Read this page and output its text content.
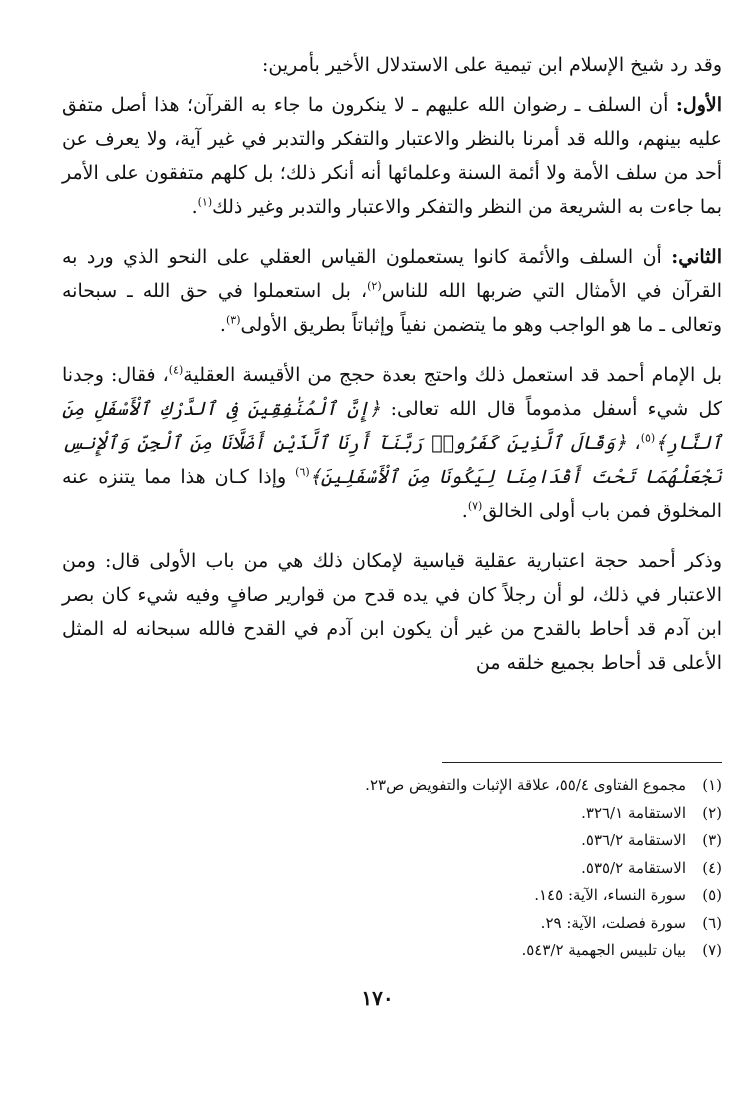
وقد رد شيخ الإسلام ابن تيمية على الاستدلال الأخير بأمرين:

الأول: أن السلف ـ رضوان الله عليهم ـ لا ينكرون ما جاء به القرآن؛ هذا أصل متفق عليه بينهم، والله قد أمرنا بالنظر والاعتبار والتفكر والتدبر في غير آية، ولا يعرف عن أحد من سلف الأمة ولا أئمة السنة وعلمائها أنه أنكر ذلك؛ بل كلهم متفقون على الأمر بما جاءت به الشريعة من النظر والتفكر والاعتبار والتدبر وغير ذلك$^{(١)}$.

الثاني: أن السلف والأئمة كانوا يستعملون القياس العقلي على النحو الذي ورد به القرآن في الأمثال التي ضربها الله للناس$^{(٢)}$، بل استعملوا في حق الله ـ سبحانه وتعالى ـ ما هو الواجب وهو ما يتضمن نفياً وإثباتاً بطريق الأولى$^{(٣)}$.

بل الإمام أحمد قد استعمل ذلك واحتج بعدة حجج من الأقيسة العقلية$^{(٤)}$، فقال: وجدنا كل شيء أسفل مذموماً قال الله تعالى: ﴿إِنَّ ٱلْمُنَٰفِقِينَ فِى ٱلدَّرْكِ ٱلْأَسْفَلِ مِنَ ٱلنَّارِ﴾$^{(٥)}$، ﴿وَقَالَ ٱلَّذِينَ كَفَرُوا۟ رَبَّنَآ أَرِنَا ٱلَّذَيْنِ أَضَلَّانَا مِنَ ٱلْجِنِّ وَٱلْإِنسِ نَجْعَلْهُمَا تَحْتَ أَقْدَامِنَا لِيَكُونَا مِنَ ٱلْأَسْفَلِينَ﴾$^{(٦)}$ وإذا كـان هذا مما يتنزه عنه المخلوق فمن باب أولى الخالق$^{(٧)}$.

وذكر أحمد حجة اعتبارية عقلية قياسية لإمكان ذلك هي من باب الأولى قال: ومن الاعتبار في ذلك، لو أن رجلاً كان في يده قدح من قوارير صافٍ وفيه شيء كان بصر ابن آدم قد أحاط بالقدح من غير أن يكون ابن آدم في القدح فالله سبحانه له المثل الأعلى قد أحاط بجميع خلقه من

(١)مجموع الفتاوى ٥٥/٤، علاقة الإثبات والتفويض ص٢٣.
(٢)الاستقامة ٣٢٦/١.
(٣)الاستقامة ٥٣٦/٢.
(٤)الاستقامة ٥٣٥/٢.
(٥)سورة النساء، الآية: ١٤٥.
(٦)سورة فصلت، الآية: ٢٩.
(٧)بيان تلبيس الجهمية ٥٤٣/٢.
١٧٠
